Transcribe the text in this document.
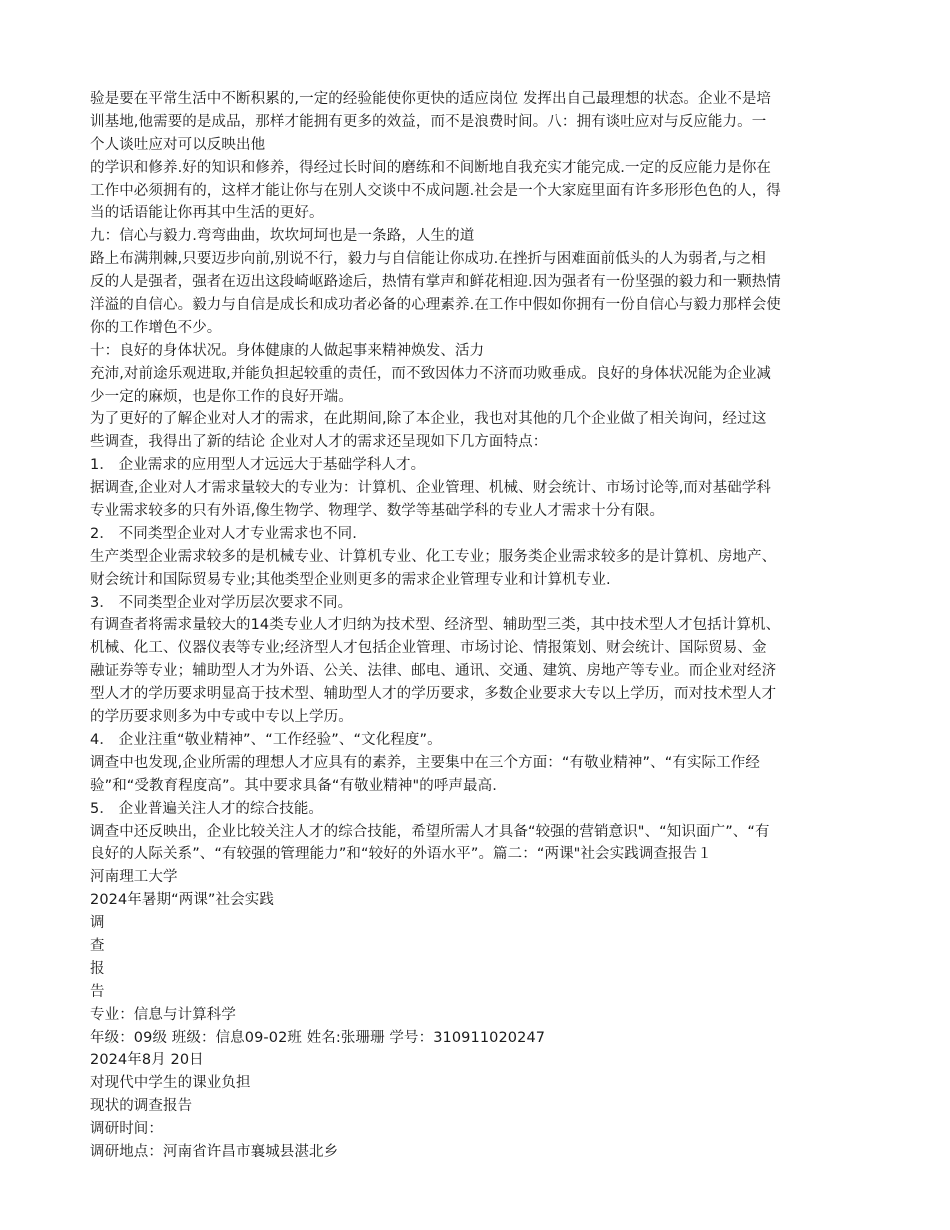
验是要在平常生活中不断积累的,一定的经验能使你更快的适应岗位 发挥出自己最理想的状态。企业不是培
训基地,他需要的是成品，那样才能拥有更多的效益，而不是浪费时间。八：拥有谈吐应对与反应能力。一
个人谈吐应对可以反映出他
的学识和修养.好的知识和修养，得经过长时间的磨练和不间断地自我充实才能完成.一定的反应能力是你在
工作中必须拥有的，这样才能让你与在别人交谈中不成问题.社会是一个大家庭里面有许多形形色色的人，得
当的话语能让你再其中生活的更好。
九：信心与毅力.弯弯曲曲，坎坎坷坷也是一条路，人生的道
路上布满荆棘,只要迈步向前,别说不行，毅力与自信能让你成功.在挫折与困难面前低头的人为弱者,与之相
反的人是强者，强者在迈出这段崎岖路途后，热情有掌声和鲜花相迎.因为强者有一份坚强的毅力和一颗热情
洋溢的自信心。毅力与自信是成长和成功者必备的心理素养.在工作中假如你拥有一份自信心与毅力那样会使
你的工作增色不少。
十：良好的身体状况。身体健康的人做起事来精神焕发、活力
充沛,对前途乐观进取,并能负担起较重的责任，而不致因体力不济而功败垂成。良好的身体状况能为企业减
少一定的麻烦，也是你工作的良好开端。
为了更好的了解企业对人才的需求，在此期间,除了本企业，我也对其他的几个企业做了相关询问，经过这
些调查，我得出了新的结论 企业对人才的需求还呈现如下几方面特点：
1． 企业需求的应用型人才远远大于基础学科人才。
据调查,企业对人才需求量较大的专业为：计算机、企业管理、机械、财会统计、市场讨论等,而对基础学科
专业需求较多的只有外语,像生物学、物理学、数学等基础学科的专业人才需求十分有限。
2． 不同类型企业对人才专业需求也不同.
生产类型企业需求较多的是机械专业、计算机专业、化工专业；服务类企业需求较多的是计算机、房地产、
财会统计和国际贸易专业;其他类型企业则更多的需求企业管理专业和计算机专业.
3． 不同类型企业对学历层次要求不同。
有调查者将需求量较大的14类专业人才归纳为技术型、经济型、辅助型三类，其中技术型人才包括计算机、
机械、化工、仪器仪表等专业;经济型人才包括企业管理、市场讨论、情报策划、财会统计、国际贸易、金
融证券等专业；辅助型人才为外语、公关、法律、邮电、通讯、交通、建筑、房地产等专业。而企业对经济
型人才的学历要求明显高于技术型、辅助型人才的学历要求，多数企业要求大专以上学历，而对技术型人才
的学历要求则多为中专或中专以上学历。
4． 企业注重“敬业精神”、“工作经验”、“文化程度”。
调查中也发现,企业所需的理想人才应具有的素养，主要集中在三个方面：“有敬业精神”、“有实际工作经
验”和“受教育程度高”。其中要求具备“有敬业精神"的呼声最高.
5． 企业普遍关注人才的综合技能。
调查中还反映出，企业比较关注人才的综合技能，希望所需人才具备“较强的营销意识"、“知识面广”、“有
良好的人际关系”、“有较强的管理能力”和“较好的外语水平”。篇二：“两课"社会实践调查报告１
河南理工大学
2024年暑期“两课”社会实践
调
查
报
告
专业：信息与计算科学
年级：09级 班级：信息09-02班 姓名:张珊珊 学号：310911020247
2024年8月 20日
对现代中学生的课业负担
现状的调查报告
调研时间：
调研地点：河南省许昌市襄城县湛北乡
